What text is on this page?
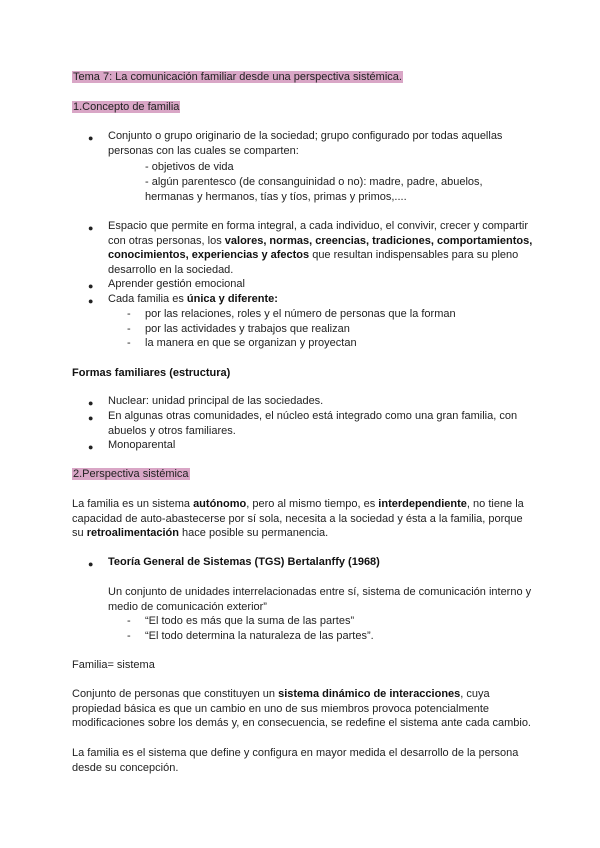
Tema 7: La comunicación familiar desde una perspectiva sistémica.

1.Concepto de familia

● Conjunto o grupo originario de la sociedad; grupo configurado por todas aquellas personas con las cuales se comparten:

- objetivos de vida

- algún parentesco (de consanguinidad o no): madre, padre, abuelos, hermanas y hermanos, tías y tíos, primas y primos,....

● Espacio que permite en forma integral, a cada individuo, el convivir, crecer y compartir con otras personas, los valores, normas, creencias, tradiciones, comportamientos, conocimientos, experiencias y afectos que resultan indispensables para su pleno desarrollo en la sociedad.

● Aprender gestión emocional

● Cada familia es única y diferente:

- por las relaciones, roles y el número de personas que la forman

- por las actividades y trabajos que realizan

- la manera en que se organizan y proyectan

Formas familiares (estructura)

● Nuclear: unidad principal de las sociedades.

● En algunas otras comunidades, el núcleo está integrado como una gran familia, con abuelos y otros familiares.

● Monoparental

2.Perspectiva sistémica

La familia es un sistema autónomo, pero al mismo tiempo, es interdependiente, no tiene la capacidad de auto-abastecerse por sí sola, necesita a la sociedad y ésta a la familia, porque su retroalimentación hace posible su permanencia.

● Teoría General de Sistemas (TGS) Bertalanffy (1968)

Un conjunto de unidades interrelacionadas entre sí, sistema de comunicación interno y medio de comunicación exterior”

- “El todo es más que la suma de las partes”

- “El todo determina la naturaleza de las partes”.

Familia= sistema

Conjunto de personas que constituyen un sistema dinámico de interacciones, cuya propiedad básica es que un cambio en uno de sus miembros provoca potencialmente modificaciones sobre los demás y, en consecuencia, se redefine el sistema ante cada cambio.

La familia es el sistema que define y configura en mayor medida el desarrollo de la persona desde su concepción.
